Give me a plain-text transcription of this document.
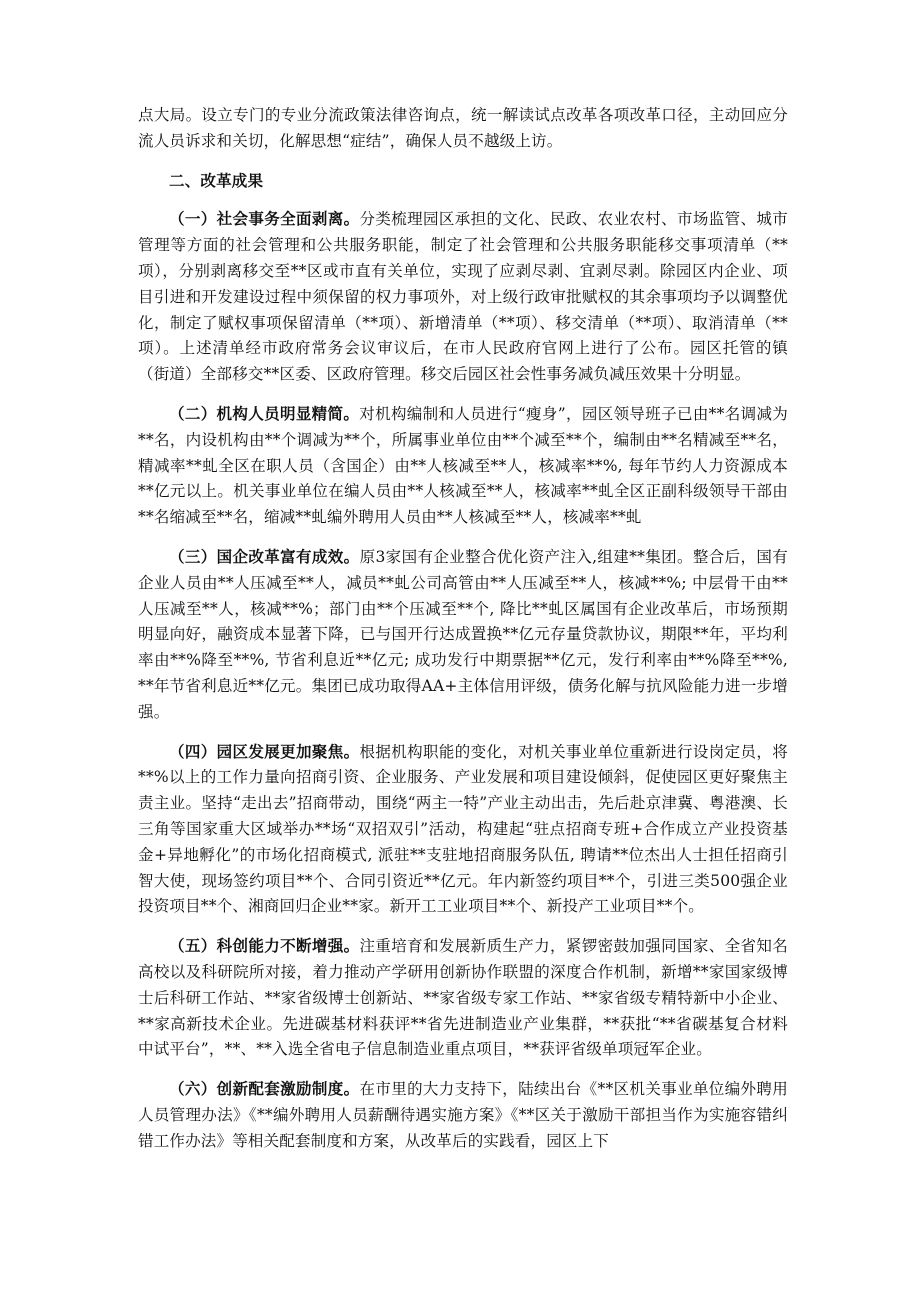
点大局。设立专门的专业分流政策法律咨询点，统一解读试点改革各项改革口径，主动回应分流人员诉求和关切，化解思想“症结”，确保人员不越级上访。

二、改革成果

（一）社会事务全面剥离。分类梳理园区承担的文化、民政、农业农村、市场监管、城市管理等方面的社会管理和公共服务职能，制定了社会管理和公共服务职能移交事项清单（**项），分别剥离移交至**区或市直有关单位，实现了应剥尽剥、宜剥尽剥。除园区内企业、项目引进和开发建设过程中须保留的权力事项外，对上级行政审批赋权的其余事项均予以调整优化，制定了赋权事项保留清单（**项）、新增清单（**项）、移交清单（**项）、取消清单（**项）。上述清单经市政府常务会议审议后，在市人民政府官网上进行了公布。园区托管的镇（街道）全部移交**区委、区政府管理。移交后园区社会性事务减负减压效果十分明显。

（二）机构人员明显精简。对机构编制和人员进行“瘦身”，园区领导班子已由**名调减为**名，内设机构由**个调减为**个，所属事业单位由**个减至**个，编制由**名精减至**名，精减率**虬全区在职人员（含国企）由**人核减至**人，核减率**%, 每年节约人力资源成本**亿元以上。机关事业单位在编人员由**人核减至**人，核减率**虬全区正副科级领导干部由**名缩减至**名，缩减**虬编外聘用人员由**人核减至**人，核减率**虬

（三）国企改革富有成效。原3家国有企业整合优化资产注入,组建**集团。整合后，国有企业人员由**人压减至**人，减员**虬公司高管由**人压减至**人，核减**%; 中层骨干由**人压减至**人，核减**%；部门由**个压减至**个, 降比**虬区属国有企业改革后，市场预期明显向好，融资成本显著下降，已与国开行达成置换**亿元存量贷款协议，期限**年，平均利率由**%降至**%, 节省利息近**亿元; 成功发行中期票据**亿元，发行利率由**%降至**%, **年节省利息近**亿元。集团已成功取得AA+主体信用评级，债务化解与抗风险能力进一步增强。

（四）园区发展更加聚焦。根据机构职能的变化，对机关事业单位重新进行设岗定员，将**%以上的工作力量向招商引资、企业服务、产业发展和项目建设倾斜，促使园区更好聚焦主责主业。坚持“走出去”招商带动，围绕“两主一特”产业主动出击，先后赴京津冀、粤港澳、长三角等国家重大区域举办**场“双招双引”活动，构建起“驻点招商专班+合作成立产业投资基金+异地孵化”的市场化招商模式, 派驻**支驻地招商服务队伍, 聘请**位杰出人士担任招商引智大使，现场签约项目**个、合同引资近**亿元。年内新签约项目**个，引进三类500强企业投资项目**个、湘商回归企业**家。新开工工业项目**个、新投产工业项目**个。

（五）科创能力不断增强。注重培育和发展新质生产力，紧锣密鼓加强同国家、全省知名高校以及科研院所对接，着力推动产学研用创新协作联盟的深度合作机制，新增**家国家级博士后科研工作站、**家省级博士创新站、**家省级专家工作站、**家省级专精特新中小企业、**家高新技术企业。先进碳基材料获评**省先进制造业产业集群，**获批“**省碳基复合材料中试平台”，**、**入选全省电子信息制造业重点项目，**获评省级单项冠军企业。

（六）创新配套激励制度。在市里的大力支持下，陆续出台《**区机关事业单位编外聘用人员管理办法》《**编外聘用人员薪酬待遇实施方案》《**区关于激励干部担当作为实施容错纠错工作办法》等相关配套制度和方案，从改革后的实践看，园区上下
